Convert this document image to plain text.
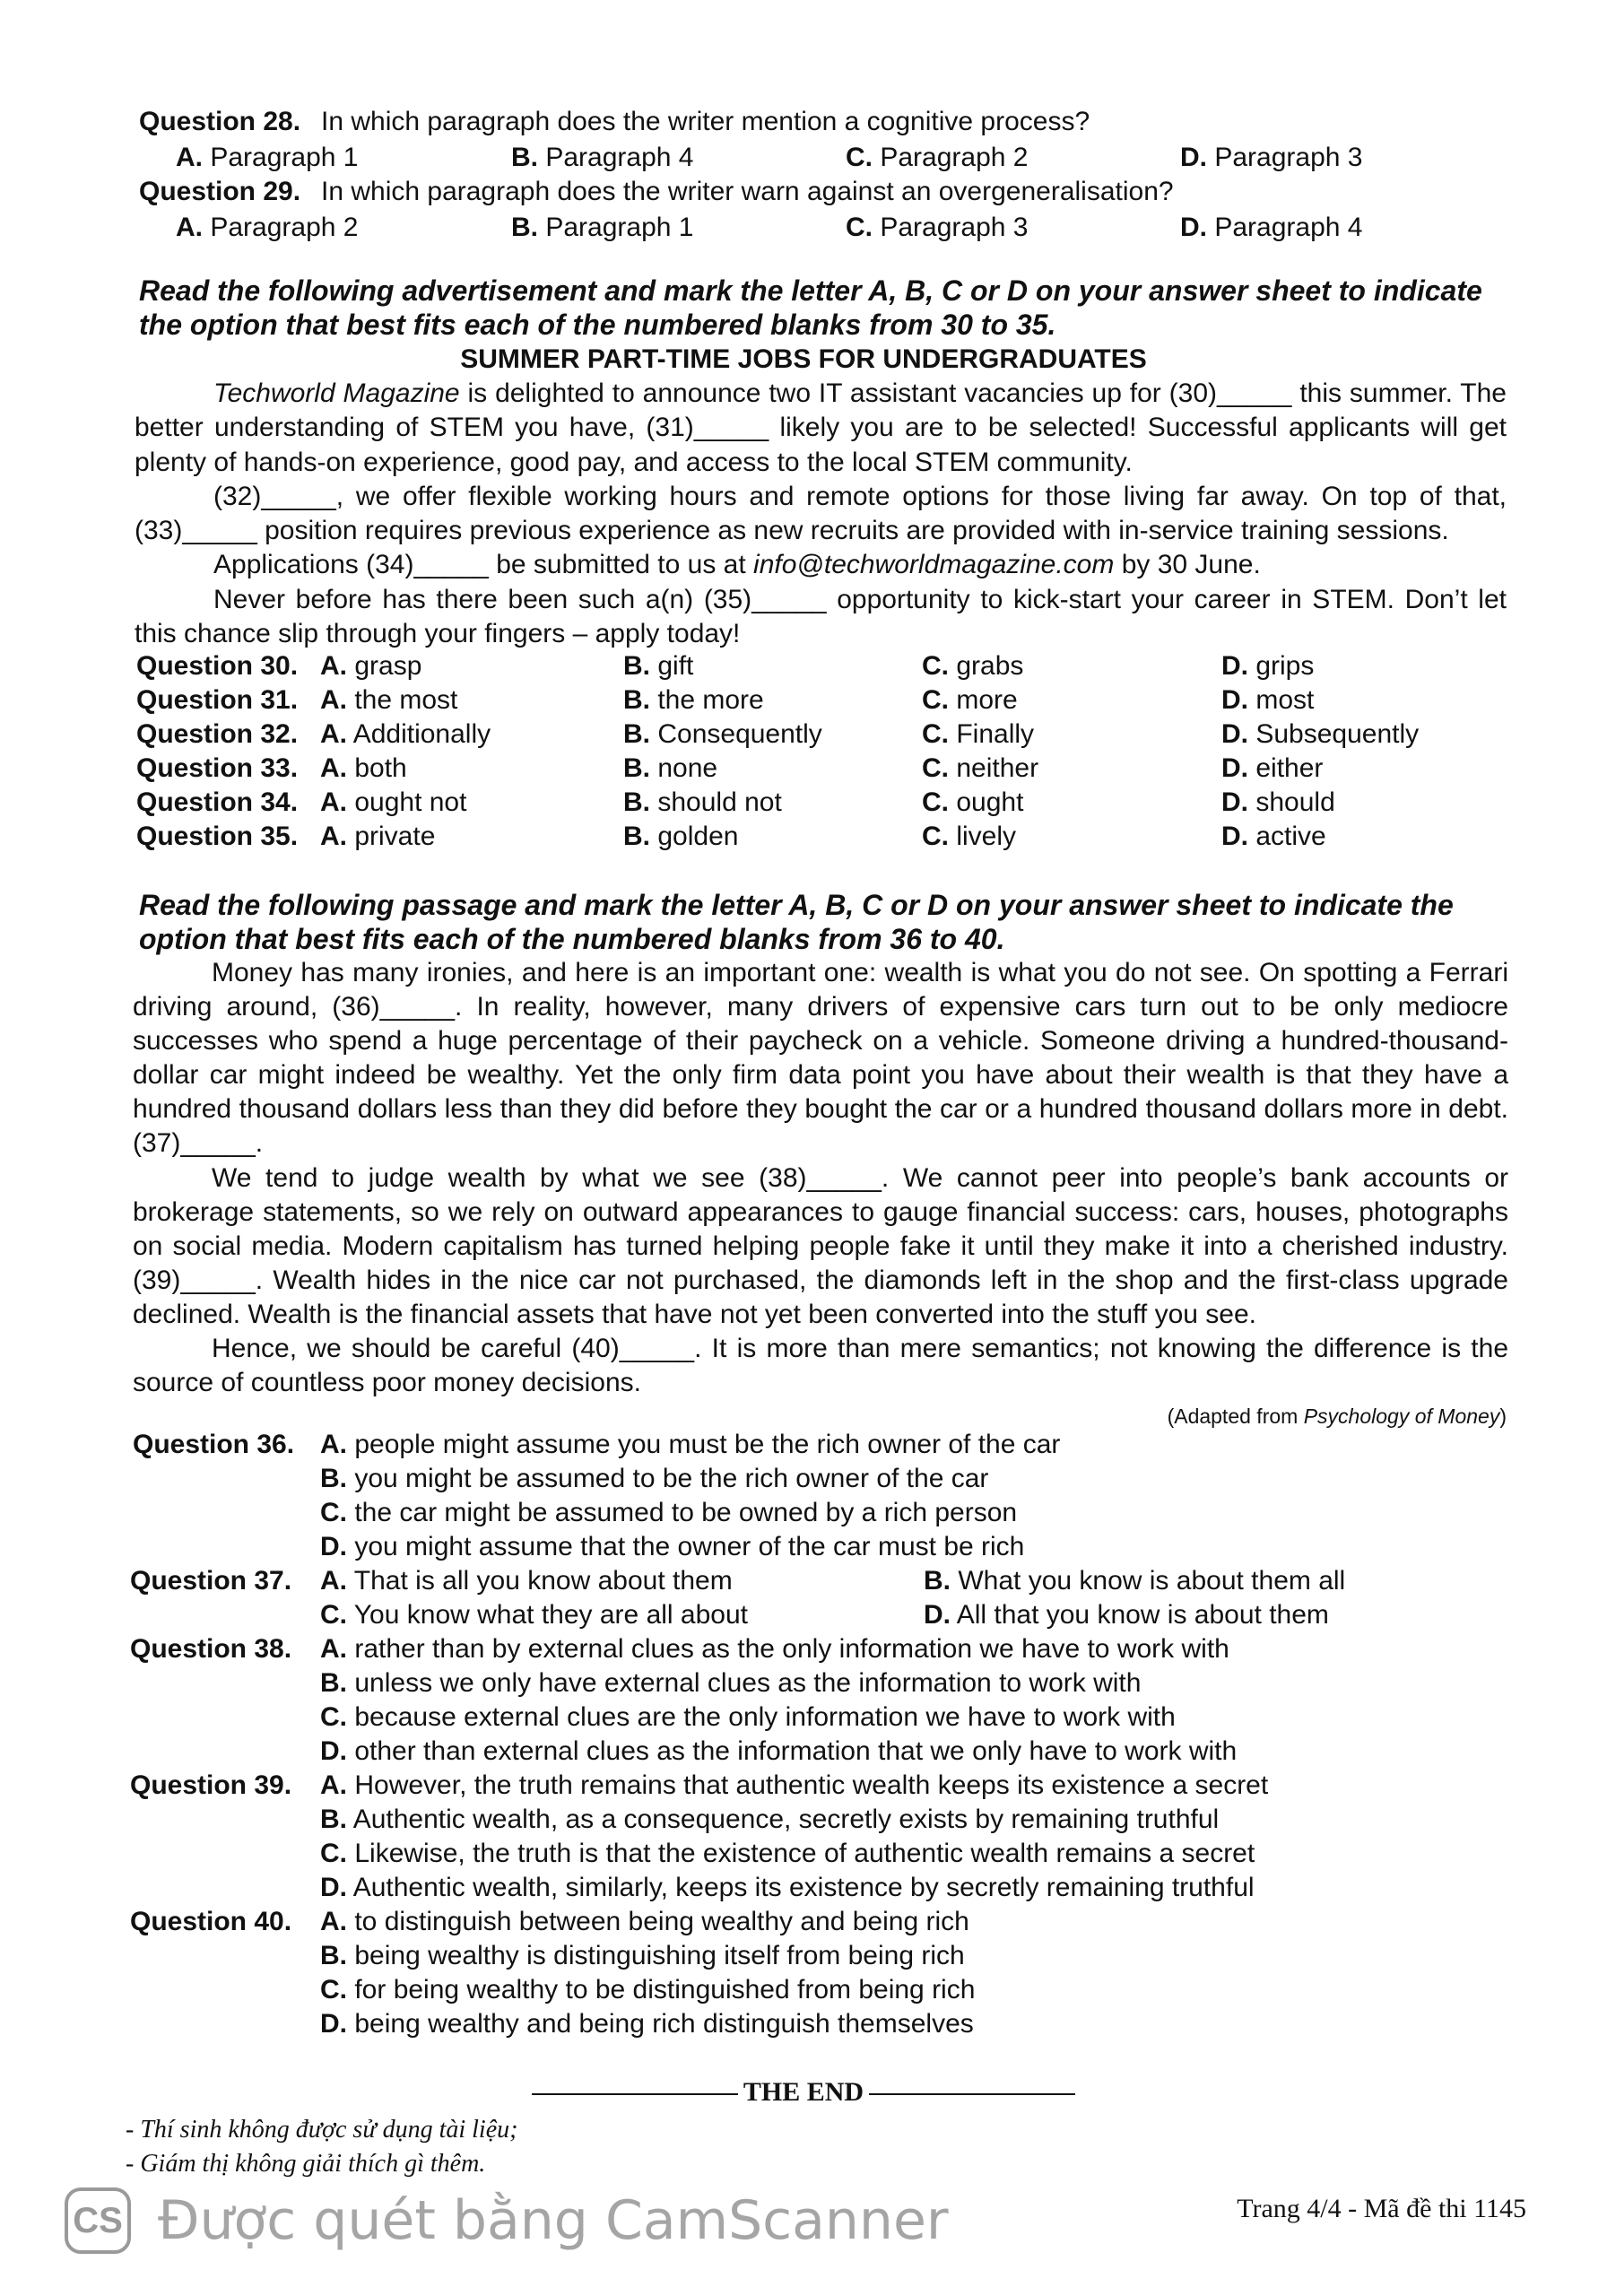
Question 28. In which paragraph does the writer mention a cognitive process?
A. Paragraph 1	B. Paragraph 4	C. Paragraph 2	D. Paragraph 3
Question 29. In which paragraph does the writer warn against an overgeneralisation?
A. Paragraph 2	B. Paragraph 1	C. Paragraph 3	D. Paragraph 4
Read the following advertisement and mark the letter A, B, C or D on your answer sheet to indicate
the option that best fits each of the numbered blanks from 30 to 35.
SUMMER PART-TIME JOBS FOR UNDERGRADUATES

Techworld Magazine is delighted to announce two IT assistant vacancies up for (30)_____ this summer. The better understanding of STEM you have, (31)_____ likely you are to be selected! Successful applicants will get plenty of hands-on experience, good pay, and access to the local STEM community.

(32)_____, we offer flexible working hours and remote options for those living far away. On top of that, (33)_____ position requires previous experience as new recruits are provided with in-service training sessions.

Applications (34)_____ be submitted to us at info@techworldmagazine.com by 30 June.

Never before has there been such a(n) (35)_____ opportunity to kick-start your career in STEM. Don’t let this chance slip through your fingers – apply today!

Question 30. A. grasp	B. gift	C. grabs	D. grips
Question 31. A. the most	B. the more	C. more	D. most
Question 32. A. Additionally	B. Consequently	C. Finally	D. Subsequently
Question 33. A. both	B. none	C. neither	D. either
Question 34. A. ought not	B. should not	C. ought	D. should
Question 35. A. private	B. golden	C. lively	D. active
Read the following passage and mark the letter A, B, C or D on your answer sheet to indicate the
option that best fits each of the numbered blanks from 36 to 40.

Money has many ironies, and here is an important one: wealth is what you do not see. On spotting a Ferrari driving around, (36)_____. In reality, however, many drivers of expensive cars turn out to be only mediocre successes who spend a huge percentage of their paycheck on a vehicle. Someone driving a hundred-thousand-dollar car might indeed be wealthy. Yet the only firm data point you have about their wealth is that they have a hundred thousand dollars less than they did before they bought the car or a hundred thousand dollars more in debt. (37)_____.

We tend to judge wealth by what we see (38)_____. We cannot peer into people’s bank accounts or brokerage statements, so we rely on outward appearances to gauge financial success: cars, houses, photographs on social media. Modern capitalism has turned helping people fake it until they make it into a cherished industry. (39)_____. Wealth hides in the nice car not purchased, the diamonds left in the shop and the first-class upgrade declined. Wealth is the financial assets that have not yet been converted into the stuff you see.

Hence, we should be careful (40)_____. It is more than mere semantics; not knowing the difference is the source of countless poor money decisions.

(Adapted from Psychology of Money)
Question 36. A. people might assume you must be the rich owner of the car
B. you might be assumed to be the rich owner of the car
C. the car might be assumed to be owned by a rich person
D. you might assume that the owner of the car must be rich
Question 37. A. That is all you know about them	B. What you know is about them all
C. You know what they are all about	D. All that you know is about them
Question 38. A. rather than by external clues as the only information we have to work with
B. unless we only have external clues as the information to work with
C. because external clues are the only information we have to work with
D. other than external clues as the information that we only have to work with
Question 39. A. However, the truth remains that authentic wealth keeps its existence a secret
B. Authentic wealth, as a consequence, secretly exists by remaining truthful
C. Likewise, the truth is that the existence of authentic wealth remains a secret
D. Authentic wealth, similarly, keeps its existence by secretly remaining truthful
Question 40. A. to distinguish between being wealthy and being rich
B. being wealthy is distinguishing itself from being rich
C. for being wealthy to be distinguished from being rich
D. being wealthy and being rich distinguish themselves
THE END
- Thí sinh không được sử dụng tài liệu;
- Giám thị không giải thích gì thêm.
CS Được quét bằng CamScanner	Trang 4/4 - Mã đề thi 1145
